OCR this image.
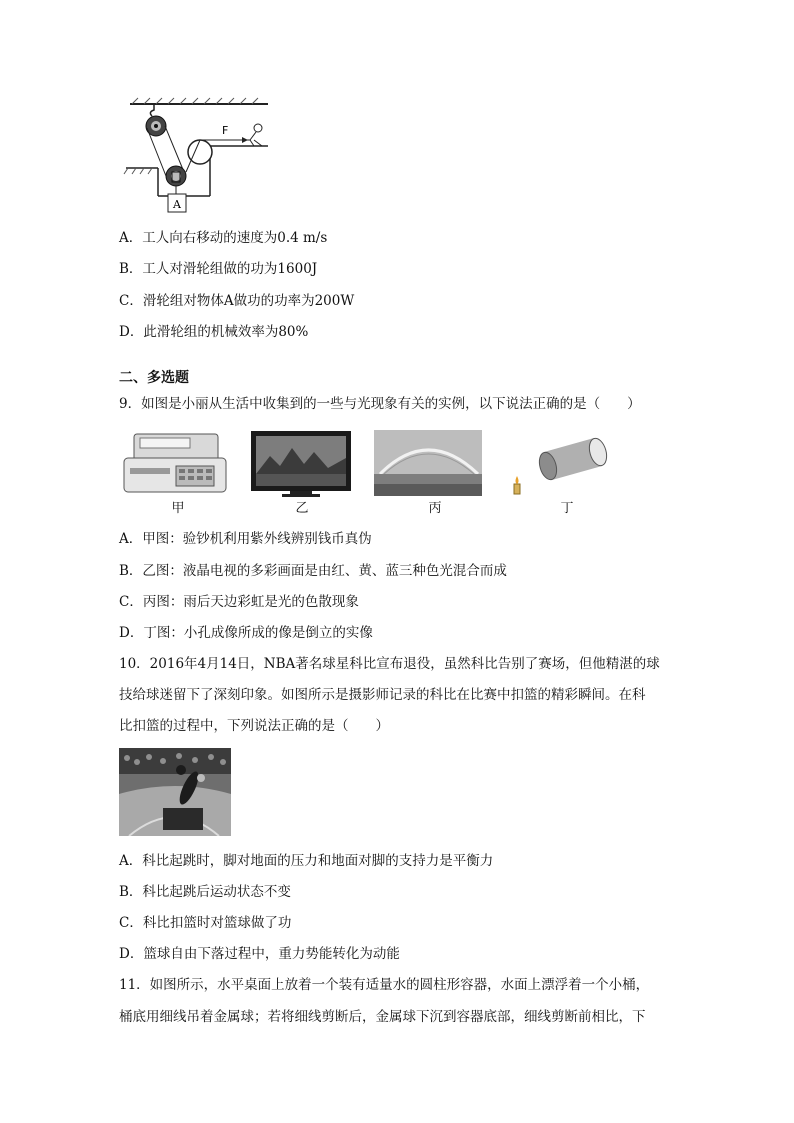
F
A
A．工人向右移动的速度为0.4 m/s
B．工人对滑轮组做的功为1600J
C．滑轮组对物体A做功的功率为200W
D．此滑轮组的机械效率为80%
二、多选题
9．如图是小丽从生活中收集到的一些与光现象有关的实例，以下说法正确的是（　　）
甲	乙	丙	丁
A．甲图：验钞机利用紫外线辨别钱币真伪
B．乙图：液晶电视的多彩画面是由红、黄、蓝三种色光混合而成
C．丙图：雨后天边彩虹是光的色散现象
D．丁图：小孔成像所成的像是倒立的实像
10．2016年4月14日，NBA著名球星科比宣布退役，虽然科比告别了赛场，但他精湛的球
技给球迷留下了深刻印象。如图所示是摄影师记录的科比在比赛中扣篮的精彩瞬间。在科
比扣篮的过程中，下列说法正确的是（　　）
A．科比起跳时，脚对地面的压力和地面对脚的支持力是平衡力
B．科比起跳后运动状态不变
C．科比扣篮时对篮球做了功
D．篮球自由下落过程中，重力势能转化为动能
11．如图所示，水平桌面上放着一个装有适量水的圆柱形容器，水面上漂浮着一个小桶，
桶底用细线吊着金属球；若将细线剪断后，金属球下沉到容器底部，细线剪断前相比，下
